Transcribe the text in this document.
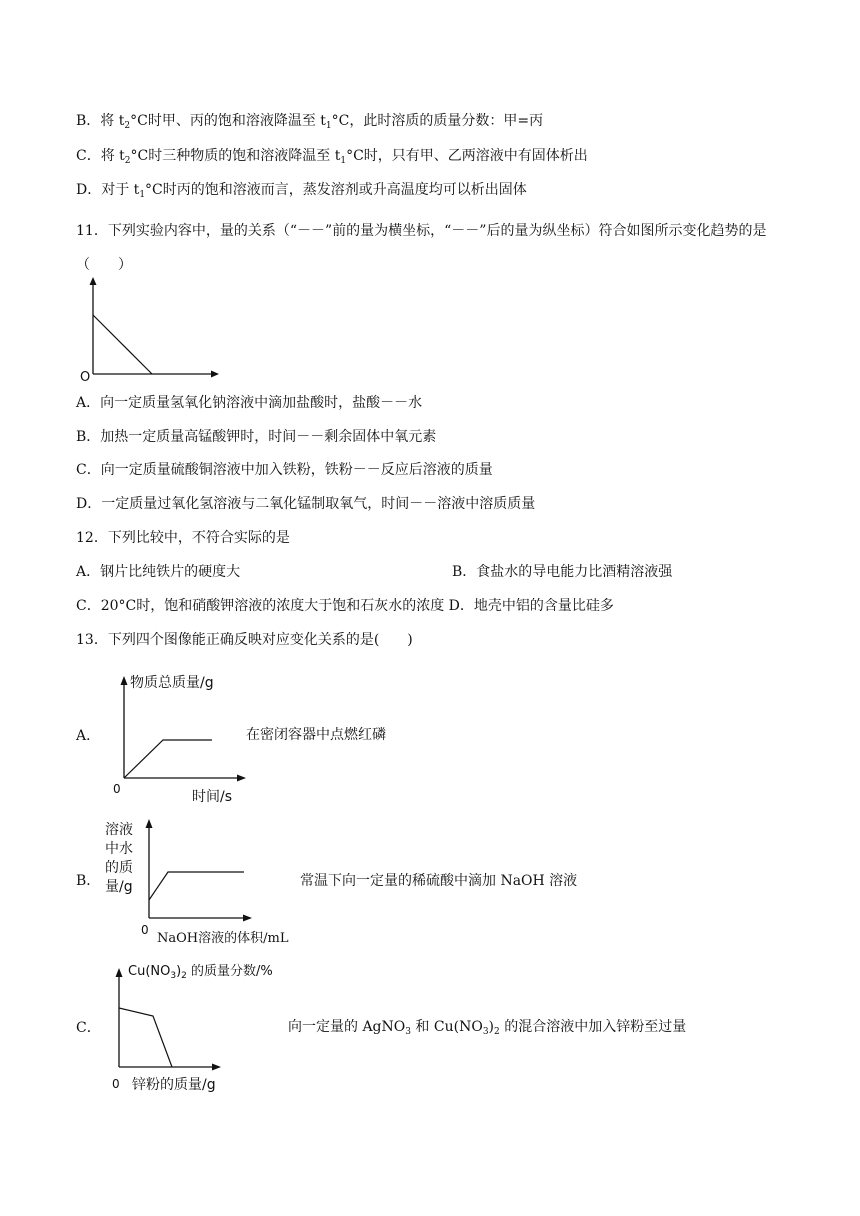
B．将 $t_2^\circ C$时甲、丙的饱和溶液降温至 $t_1^\circ C$，此时溶质的质量分数：甲=丙
C．将 $t_2^\circ C$时三种物质的饱和溶液降温至 $t_1^\circ C$时，只有甲、乙两溶液中有固体析出
D．对于 $t_1^\circ C$时丙的饱和溶液而言，蒸发溶剂或升高温度均可以析出固体
11．下列实验内容中，量的关系（“－－”前的量为横坐标，“－－”后的量为纵坐标）符合如图所示变化趋势的是（　　）
O
A．向一定质量氢氧化钠溶液中滴加盐酸时，盐酸－－水
B．加热一定质量高锰酸钾时，时间－－剩余固体中氧元素
C．向一定质量硫酸铜溶液中加入铁粉，铁粉－－反应后溶液的质量
D．一定质量过氧化氢溶液与二氧化锰制取氧气，时间－－溶液中溶质质量
12．下列比较中，不符合实际的是
A．钢片比纯铁片的硬度大	B．食盐水的导电能力比酒精溶液强
C．20°C时，饱和硝酸钾溶液的浓度大于饱和石灰水的浓度 D．地壳中铝的含量比硅多
13．下列四个图像能正确反映对应变化关系的是(　　)
A．
物质总质量/g
0	时间/s
在密闭容器中点燃红磷
B．
溶液
中水
的质
量/g
0
NaOH溶液的体积/mL
常温下向一定量的稀硫酸中滴加 NaOH 溶液
C．
$Cu(NO_3)_2$ 的质量分数/%
0 锌粉的质量/g
向一定量的 AgNO$_3$ 和 $Cu(NO_3)_2$ 的混合溶液中加入锌粉至过量
